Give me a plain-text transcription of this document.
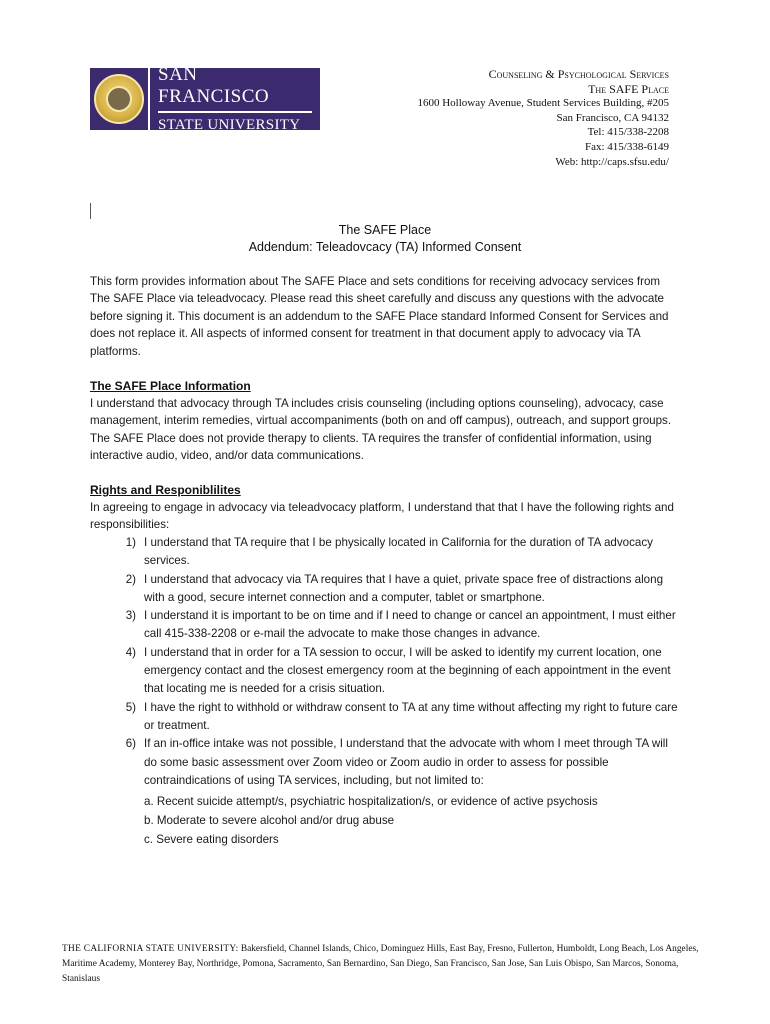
SAN FRANCISCO
STATE UNIVERSITY
Counseling & Psychological Services
The SAFE Place
1600 Holloway Avenue, Student Services Building, #205
San Francisco, CA 94132
Tel: 415/338-2208
Fax: 415/338-6149
Web: http://caps.sfsu.edu/
The SAFE Place
Addendum: Teleadovcacy (TA) Informed Consent
This form provides information about The SAFE Place and sets conditions for receiving advocacy services from The SAFE Place via teleadvocacy. Please read this sheet carefully and discuss any questions with the advocate before signing it. This document is an addendum to the SAFE Place standard Informed Consent for Services and does not replace it. All aspects of informed consent for treatment in that document apply to advocacy via TA platforms.
The SAFE Place Information
I understand that advocacy through TA includes crisis counseling (including options counseling), advocacy, case management, interim remedies, virtual accompaniments (both on and off campus), outreach, and support groups. The SAFE Place does not provide therapy to clients. TA requires the transfer of confidential information, using interactive audio, video, and/or data communications.
Rights and Responiblilites
In agreeing to engage in advocacy via teleadvocacy platform, I understand that that I have the following rights and responsibilities:
1) I understand that TA require that I be physically located in California for the duration of TA advocacy services.
2) I understand that advocacy via TA requires that I have a quiet, private space free of distractions along with a good, secure internet connection and a computer, tablet or smartphone.
3) I understand it is important to be on time and if I need to change or cancel an appointment, I must either call 415-338-2208 or e-mail the advocate to make those changes in advance.
4) I understand that in order for a TA session to occur, I will be asked to identify my current location, one emergency contact and the closest emergency room at the beginning of each appointment in the event that locating me is needed for a crisis situation.
5) I have the right to withhold or withdraw consent to TA at any time without affecting my right to future care or treatment.
6) If an in-office intake was not possible, I understand that the advocate with whom I meet through TA will do some basic assessment over Zoom video or Zoom audio in order to assess for possible contraindications of using TA services, including, but not limited to:
a. Recent suicide attempt/s, psychiatric hospitalization/s, or evidence of active psychosis
b. Moderate to severe alcohol and/or drug abuse
c. Severe eating disorders
THE CALIFORNIA STATE UNIVERSITY: Bakersfield, Channel Islands, Chico, Dominguez Hills, East Bay, Fresno, Fullerton, Humboldt, Long Beach, Los Angeles,
Maritime Academy, Monterey Bay, Northridge, Pomona, Sacramento, San Bernardino, San Diego, San Francisco, San Jose, San Luis Obispo, San Marcos, Sonoma, Stanislaus
